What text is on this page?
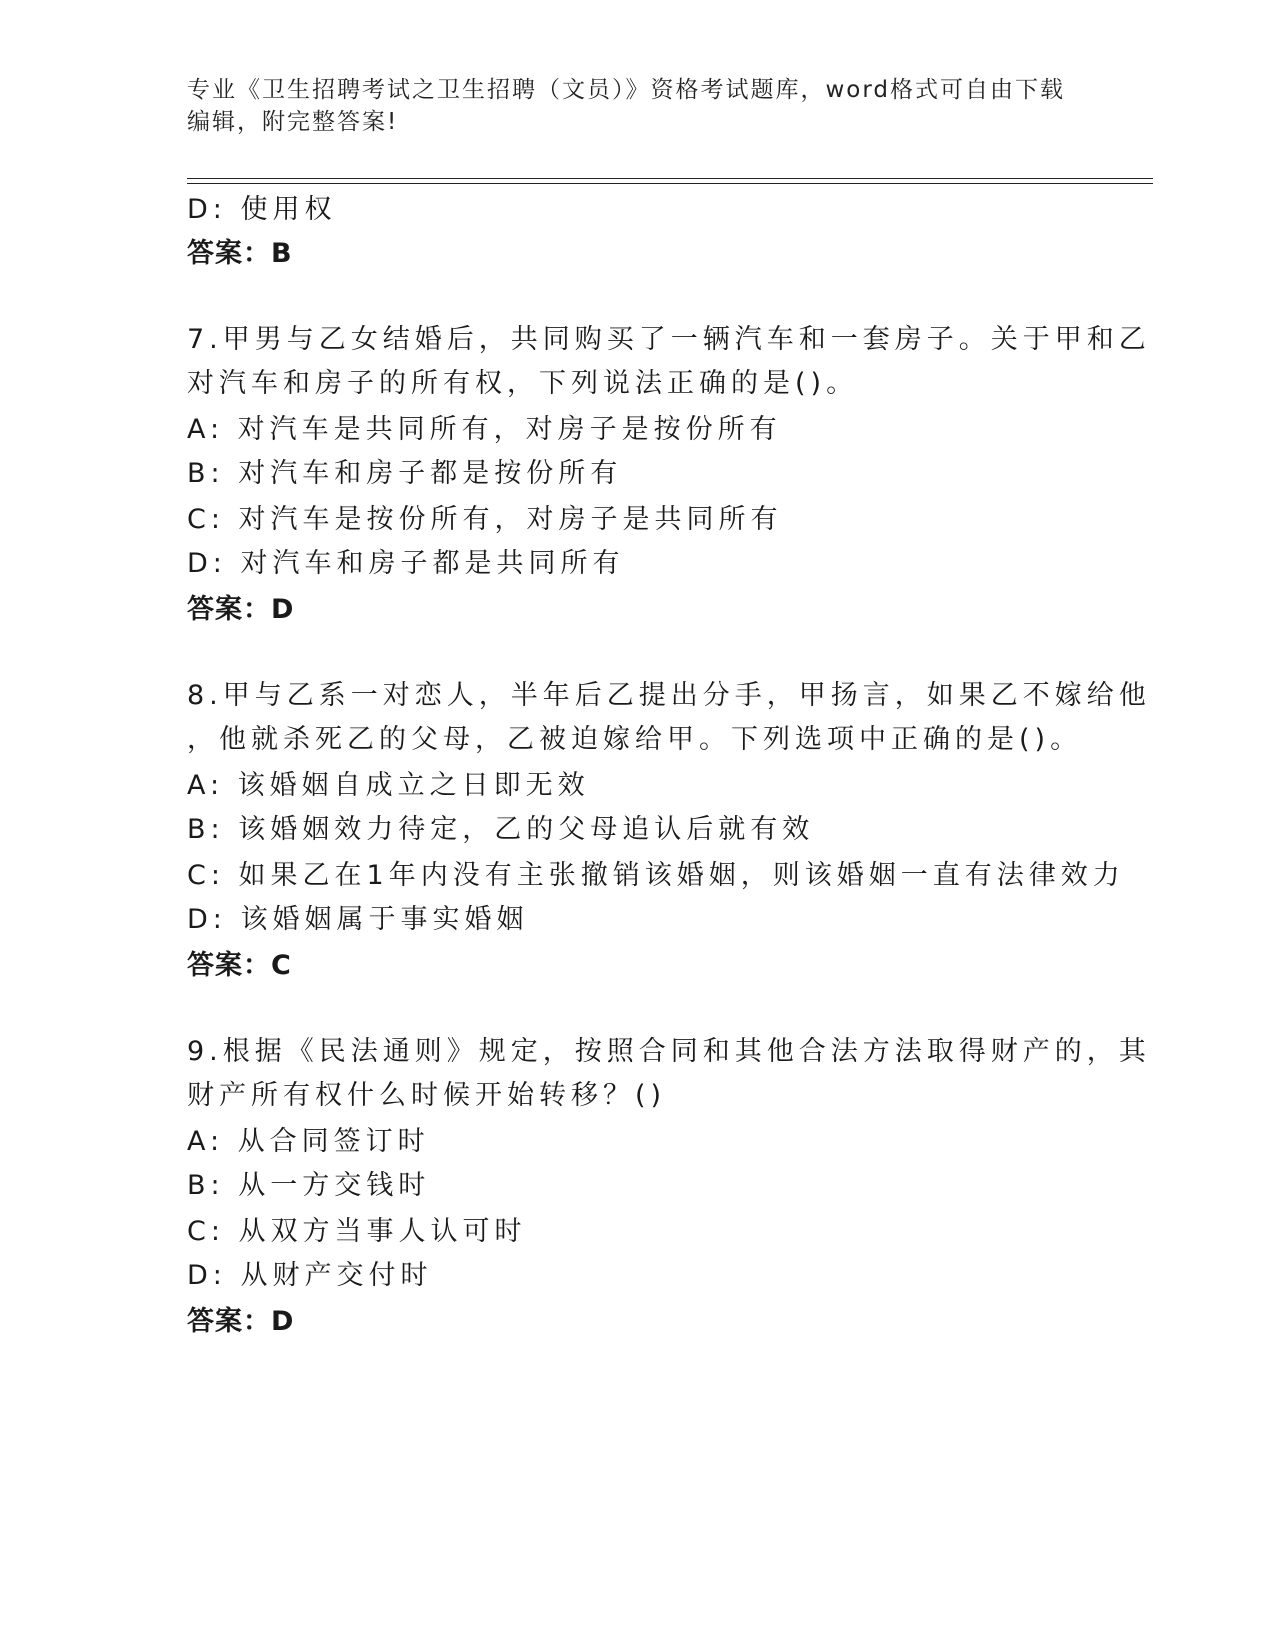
专业《卫生招聘考试之卫生招聘（文员）》资格考试题库，word格式可自由下载
编辑，附完整答案!
D: 使用权
答案：B
7.甲男与乙女结婚后，共同购买了一辆汽车和一套房子。关于甲和乙
对汽车和房子的所有权，下列说法正确的是()。
A: 对汽车是共同所有，对房子是按份所有
B: 对汽车和房子都是按份所有
C: 对汽车是按份所有，对房子是共同所有
D: 对汽车和房子都是共同所有
答案：D
8.甲与乙系一对恋人，半年后乙提出分手，甲扬言，如果乙不嫁给他
，他就杀死乙的父母，乙被迫嫁给甲。下列选项中正确的是()。
A: 该婚姻自成立之日即无效
B: 该婚姻效力待定，乙的父母追认后就有效
C: 如果乙在1年内没有主张撤销该婚姻，则该婚姻一直有法律效力
D: 该婚姻属于事实婚姻
答案：C
9.根据《民法通则》规定，按照合同和其他合法方法取得财产的，其
财产所有权什么时候开始转移？()
A: 从合同签订时
B: 从一方交钱时
C: 从双方当事人认可时
D: 从财产交付时
答案：D
